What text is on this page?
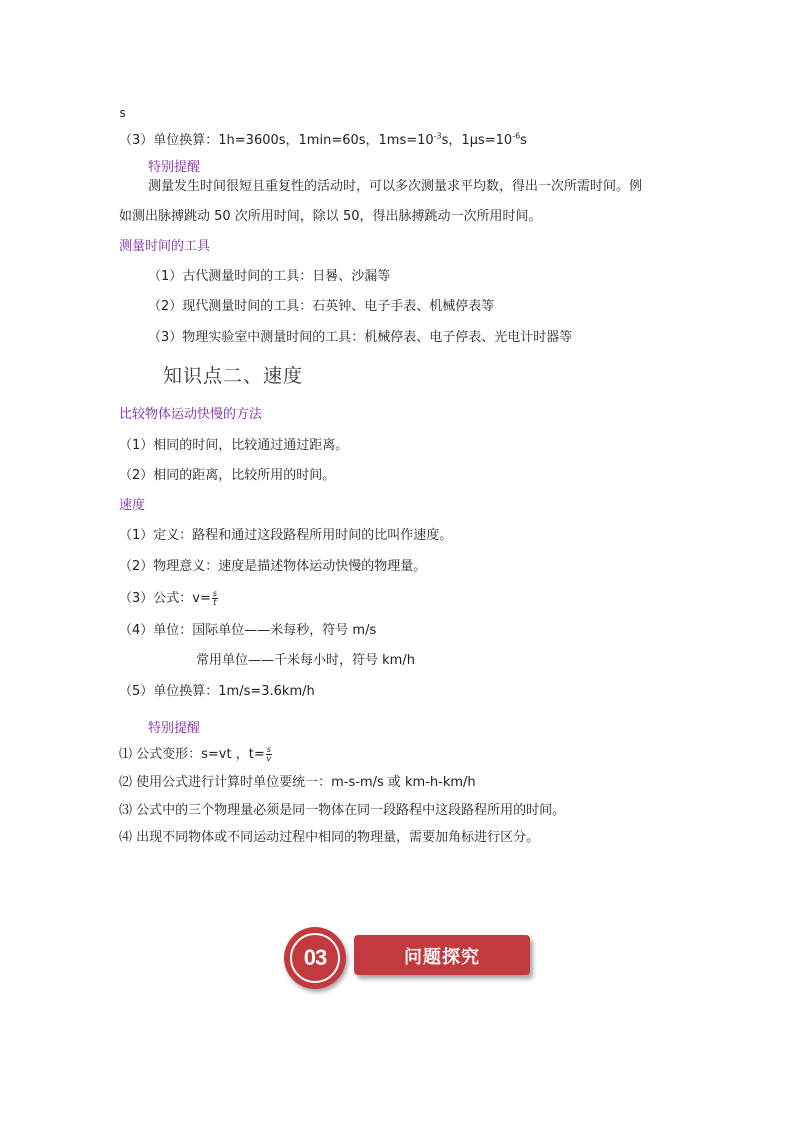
s
（3）单位换算：1h=3600s，1min=60s，$1ms=10^{-3}s$，$1\mu s=10^{-6}s$
特别提醒
测量发生时间很短且重复性的活动时，可以多次测量求平均数，得出一次所需时间。例
如测出脉搏跳动 50 次所用时间，除以 50，得出脉搏跳动一次所用时间。
测量时间的工具
（1）古代测量时间的工具：日晷、沙漏等
（2）现代测量时间的工具：石英钟、电子手表、机械停表等
（3）物理实验室中测量时间的工具：机械停表、电子停表、光电计时器等
知识点二、速度
比较物体运动快慢的方法
（1）相同的时间，比较通过通过距离。
（2）相同的距离，比较所用的时间。
速度
（1）定义：路程和通过这段路程所用时间的比叫作速度。
（2）物理意义：速度是描述物体运动快慢的物理量。
（3）公式：$v= \frac{s}{t}$
（4）单位：国际单位——米每秒，符号 m/s
常用单位——千米每小时，符号 km/h
（5）单位换算：1m/s=3.6km/h
特别提醒
⑴ 公式变形：s=vt ，$t= \frac{s}{v}$
⑵ 使用公式进行计算时单位要统一：m-s-m/s 或 km-h-km/h
⑶ 公式中的三个物理量必须是同一物体在同一段路程中这段路程所用的时间。
⑷ 出现不同物体或不同运动过程中相同的物理量，需要加角标进行区分。
问题探究
03
